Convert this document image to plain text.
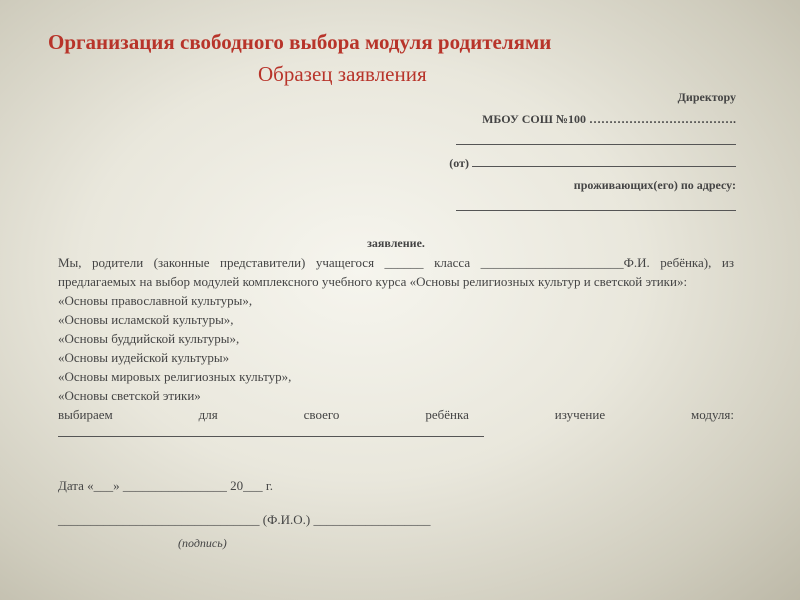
Организация свободного выбора модуля родителями
Образец заявления
Директору
МБОУ СОШ №100 ……………………………….
(от)
проживающих(его) по адресу:
заявление.

Мы, родители (законные представители) учащегося ______ класса ______________________Ф.И. ребёнка), из предлагаемых на выбор модулей комплексного учебного курса «Основы религиозных культур и светской этики»:

«Основы православной культуры»,
«Основы исламской культуры»,
«Основы буддийской культуры»,
«Основы иудейской культуры»
«Основы мировых религиозных культур»,
«Основы светской этики»
выбираем	для	своего	ребёнка	изучение	модуля:
Дата «___» ________________ 20___ г.
_______________________________ (Ф.И.О.) __________________
(подпись)
